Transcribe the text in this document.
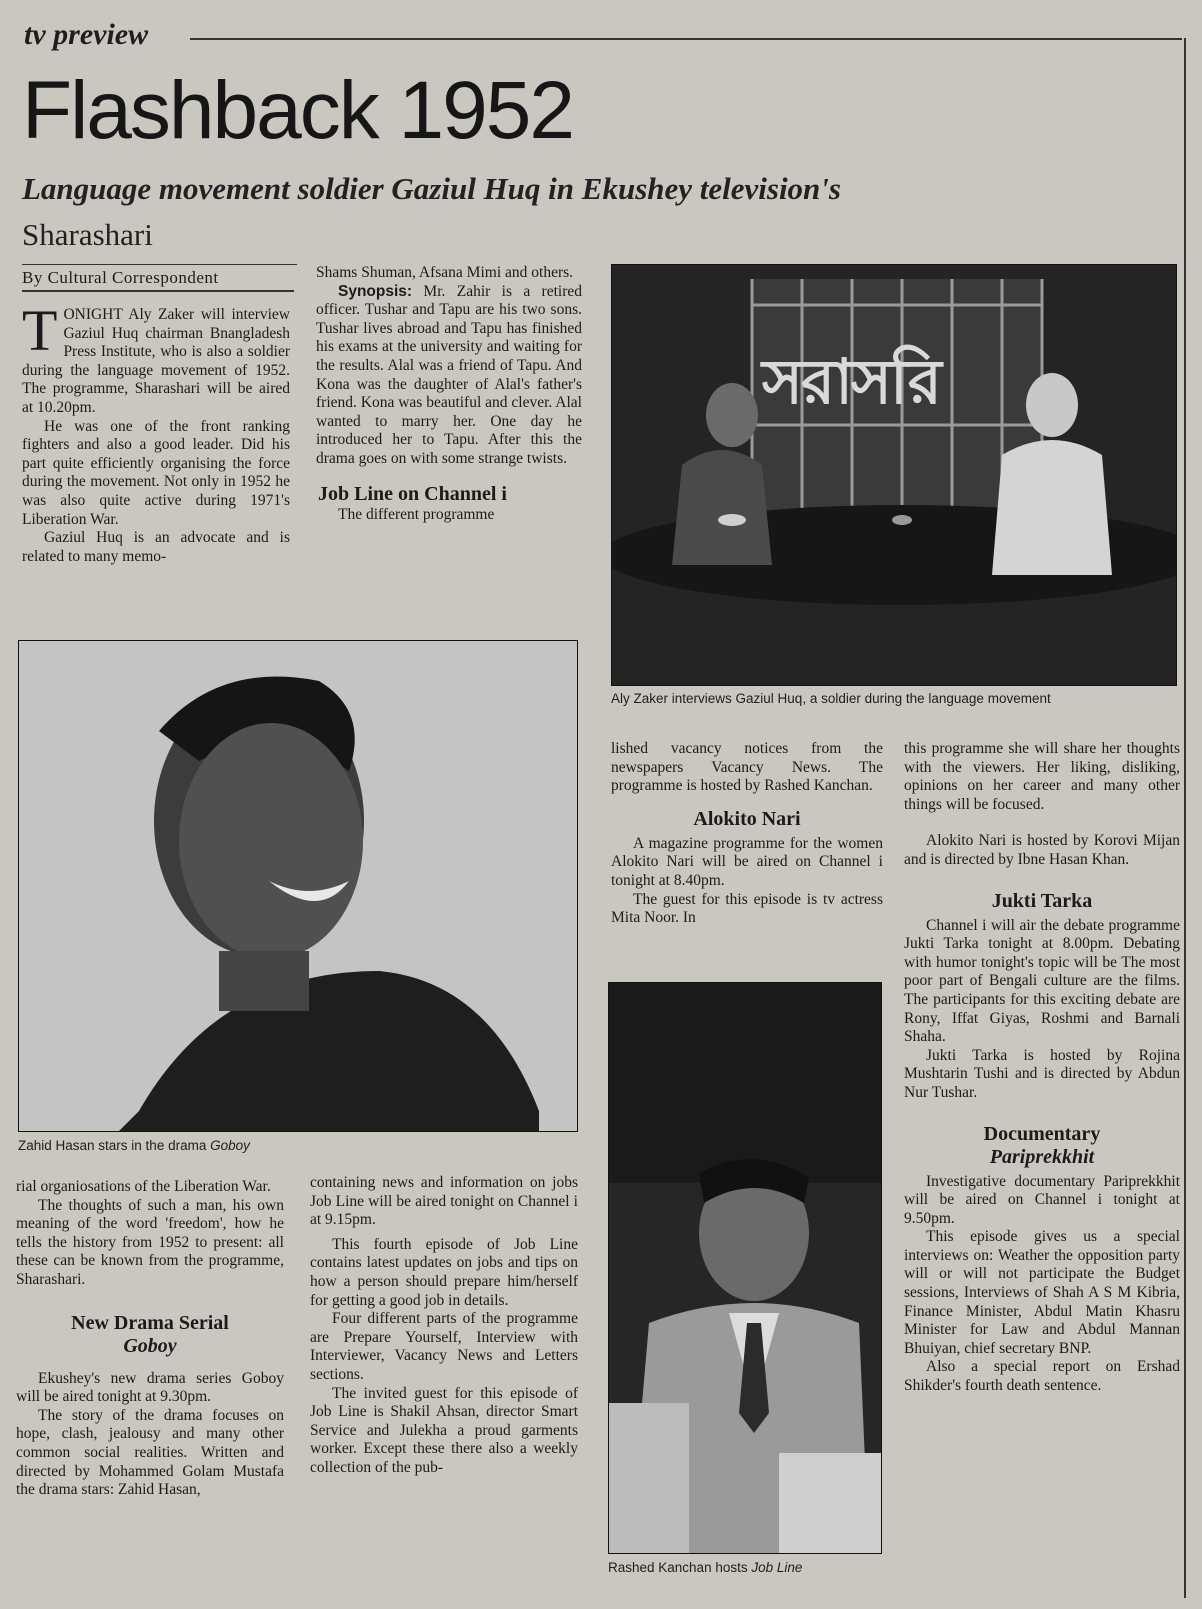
tv preview
Flashback 1952
Language movement soldier Gaziul Huq in Ekushey television's Sharashari
By Cultural Correspondent

TONIGHT Aly Zaker will interview Gaziul Huq chairman Bnangladesh Press Institute, who is also a soldier during the language movement of 1952. The programme, Sharashari will be aired at 10.20pm.

He was one of the front ranking fighters and also a good leader. Did his part quite efficiently organising the force during the movement. Not only in 1952 he was also quite active during 1971's Liberation War.

Gaziul Huq is an advocate and is related to many memo-

Shams Shuman, Afsana Mimi and others.

Synopsis: Mr. Zahir is a retired officer. Tushar and Tapu are his two sons. Tushar lives abroad and Tapu has finished his exams at the university and waiting for the results. Alal was a friend of Tapu. And Kona was the daughter of Alal's father's friend. Kona was beautiful and clever. Alal wanted to marry her. One day he introduced her to Tapu. After this the drama goes on with some strange twists.

Job Line on Channel i

The different programme

সরাসরি
Aly Zaker interviews Gaziul Huq, a soldier during the language movement
Zahid Hasan stars in the drama Goboy

rial organiosations of the Liberation War.

The thoughts of such a man, his own meaning of the word 'freedom', how he tells the history from 1952 to present: all these can be known from the programme, Sharashari.

New Drama Serial
Goboy

Ekushey's new drama series Goboy will be aired tonight at 9.30pm.

The story of the drama focuses on hope, clash, jealousy and many other common social realities. Written and directed by Mohammed Golam Mustafa the drama stars: Zahid Hasan,

containing news and information on jobs Job Line will be aired tonight on Channel i at 9.15pm.

This fourth episode of Job Line contains latest updates on jobs and tips on how a person should prepare him/herself for getting a good job in details.

Four different parts of the programme are Prepare Yourself, Interview with Interviewer, Vacancy News and Letters sections.

The invited guest for this episode of Job Line is Shakil Ahsan, director Smart Service and Julekha a proud garments worker. Except these there also a weekly collection of the pub-

lished vacancy notices from the newspapers Vacancy News. The programme is hosted by Rashed Kanchan.

Alokito Nari

A magazine programme for the women Alokito Nari will be aired on Channel i tonight at 8.40pm.

The guest for this episode is tv actress Mita Noor. In

Rashed Kanchan hosts Job Line

this programme she will share her thoughts with the viewers. Her liking, disliking, opinions on her career and many other things will be focused.

Alokito Nari is hosted by Korovi Mijan and is directed by Ibne Hasan Khan.

Jukti Tarka

Channel i will air the debate programme Jukti Tarka tonight at 8.00pm. Debating with humor tonight's topic will be The most poor part of Bengali culture are the films. The participants for this exciting debate are Rony, Iffat Giyas, Roshmi and Barnali Shaha.

Jukti Tarka is hosted by Rojina Mushtarin Tushi and is directed by Abdun Nur Tushar.

Documentary
Pariprekkhit

Investigative documentary Pariprekkhit will be aired on Channel i tonight at 9.50pm.

This episode gives us a special interviews on: Weather the opposition party will or will not participate the Budget sessions, Interviews of Shah A S M Kibria, Finance Minister, Abdul Matin Khasru Minister for Law and Abdul Mannan Bhuiyan, chief secretary BNP.

Also a special report on Ershad Shikder's fourth death sentence.
